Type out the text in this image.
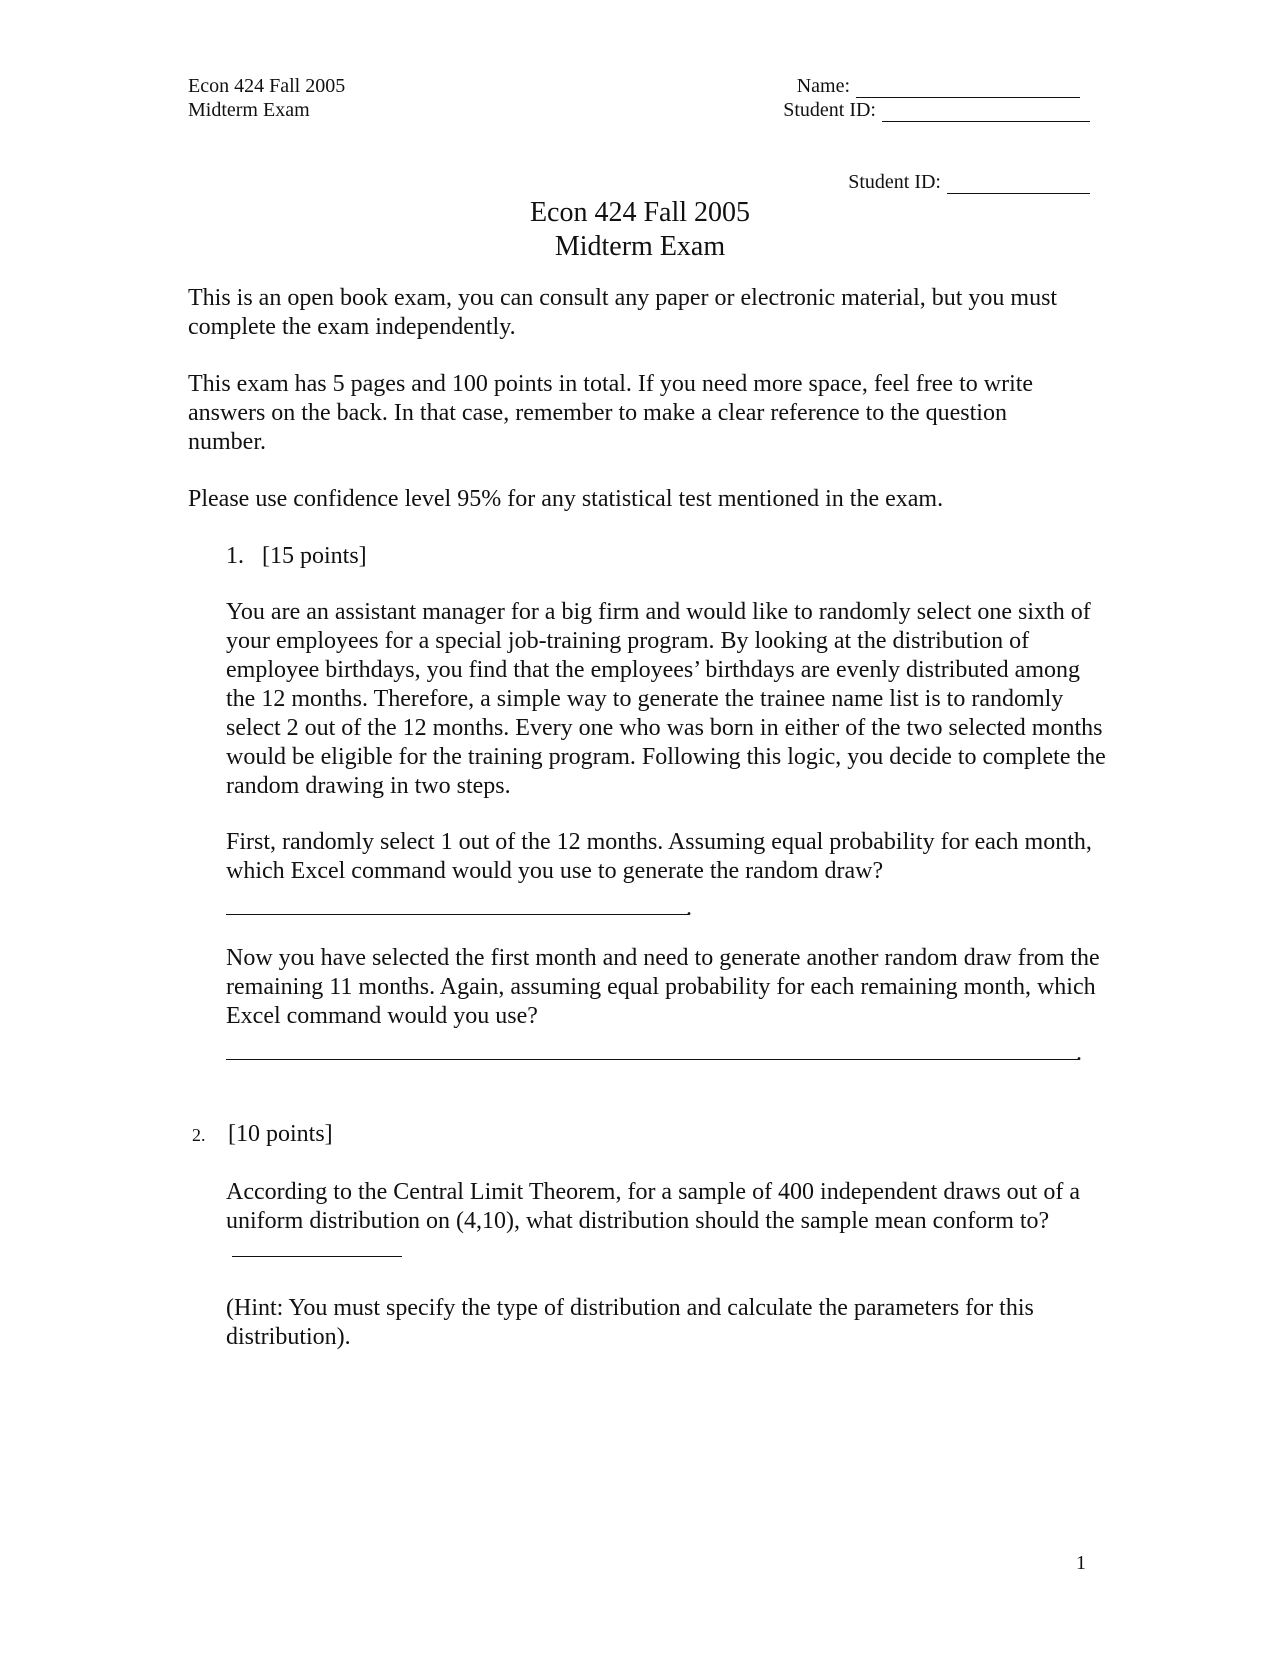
Econ 424 Fall 2005
Midterm Exam
Name:
Student ID:
Student ID:
Econ 424 Fall 2005
Midterm Exam
This is an open book exam, you can consult any paper or electronic material, but you must complete the exam independently.
This exam has 5 pages and 100 points in total. If you need more space, feel free to write answers on the back. In that case, remember to make a clear reference to the question number.
Please use confidence level 95% for any statistical test mentioned in the exam.
1. [15 points]
You are an assistant manager for a big firm and would like to randomly select one sixth of your employees for a special job-training program. By looking at the distribution of employee birthdays, you find that the employees’ birthdays are evenly distributed among the 12 months. Therefore, a simple way to generate the trainee name list is to randomly select 2 out of the 12 months. Every one who was born in either of the two selected months would be eligible for the training program. Following this logic, you decide to complete the random drawing in two steps.
First, randomly select 1 out of the 12 months. Assuming equal probability for each month, which Excel command would you use to generate the random draw?
.
Now you have selected the first month and need to generate another random draw from the remaining 11 months. Again, assuming equal probability for each remaining month, which Excel command would you use?
.
2. [10 points]
According to the Central Limit Theorem, for a sample of 400 independent draws out of a uniform distribution on (4,10), what distribution should the sample mean conform to?
(Hint: You must specify the type of distribution and calculate the parameters for this distribution).
1
